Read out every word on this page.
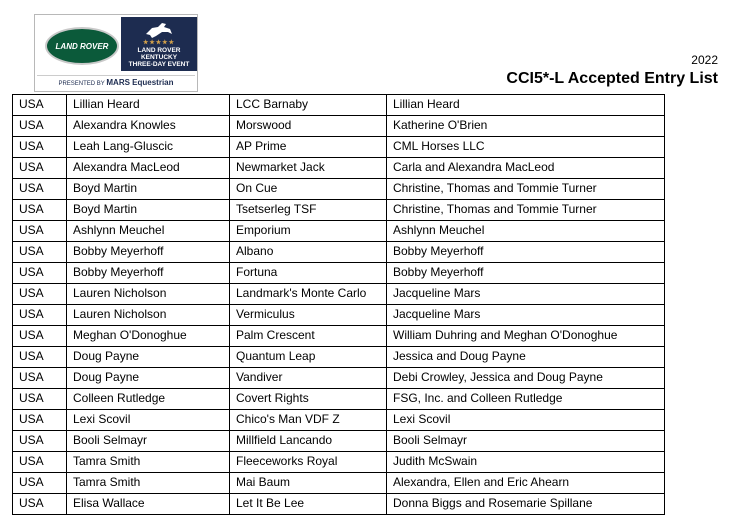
LAND ROVER	★★★★★
LAND ROVER
KENTUCKY
THREE-DAY EVENT
PRESENTED BY MARS Equestrian
2022
CCI5*-L Accepted Entry List
USA	Lillian Heard	LCC Barnaby	Lillian Heard
USA	Alexandra Knowles	Morswood	Katherine O'Brien
USA	Leah Lang-Gluscic	AP Prime	CML Horses LLC
USA	Alexandra MacLeod	Newmarket Jack	Carla and Alexandra MacLeod
USA	Boyd Martin	On Cue	Christine, Thomas and Tommie Turner
USA	Boyd Martin	Tsetserleg TSF	Christine, Thomas and Tommie Turner
USA	Ashlynn Meuchel	Emporium	Ashlynn Meuchel
USA	Bobby Meyerhoff	Albano	Bobby Meyerhoff
USA	Bobby Meyerhoff	Fortuna	Bobby Meyerhoff
USA	Lauren Nicholson	Landmark's Monte Carlo	Jacqueline Mars
USA	Lauren Nicholson	Vermiculus	Jacqueline Mars
USA	Meghan O'Donoghue	Palm Crescent	William Duhring and Meghan O'Donoghue
USA	Doug Payne	Quantum Leap	Jessica and Doug Payne
USA	Doug Payne	Vandiver	Debi Crowley, Jessica and Doug Payne
USA	Colleen Rutledge	Covert Rights	FSG, Inc. and Colleen Rutledge
USA	Lexi Scovil	Chico's Man VDF Z	Lexi Scovil
USA	Booli Selmayr	Millfield Lancando	Booli Selmayr
USA	Tamra Smith	Fleeceworks Royal	Judith McSwain
USA	Tamra Smith	Mai Baum	Alexandra, Ellen and Eric Ahearn
USA	Elisa Wallace	Let It Be Lee	Donna Biggs and Rosemarie Spillane
